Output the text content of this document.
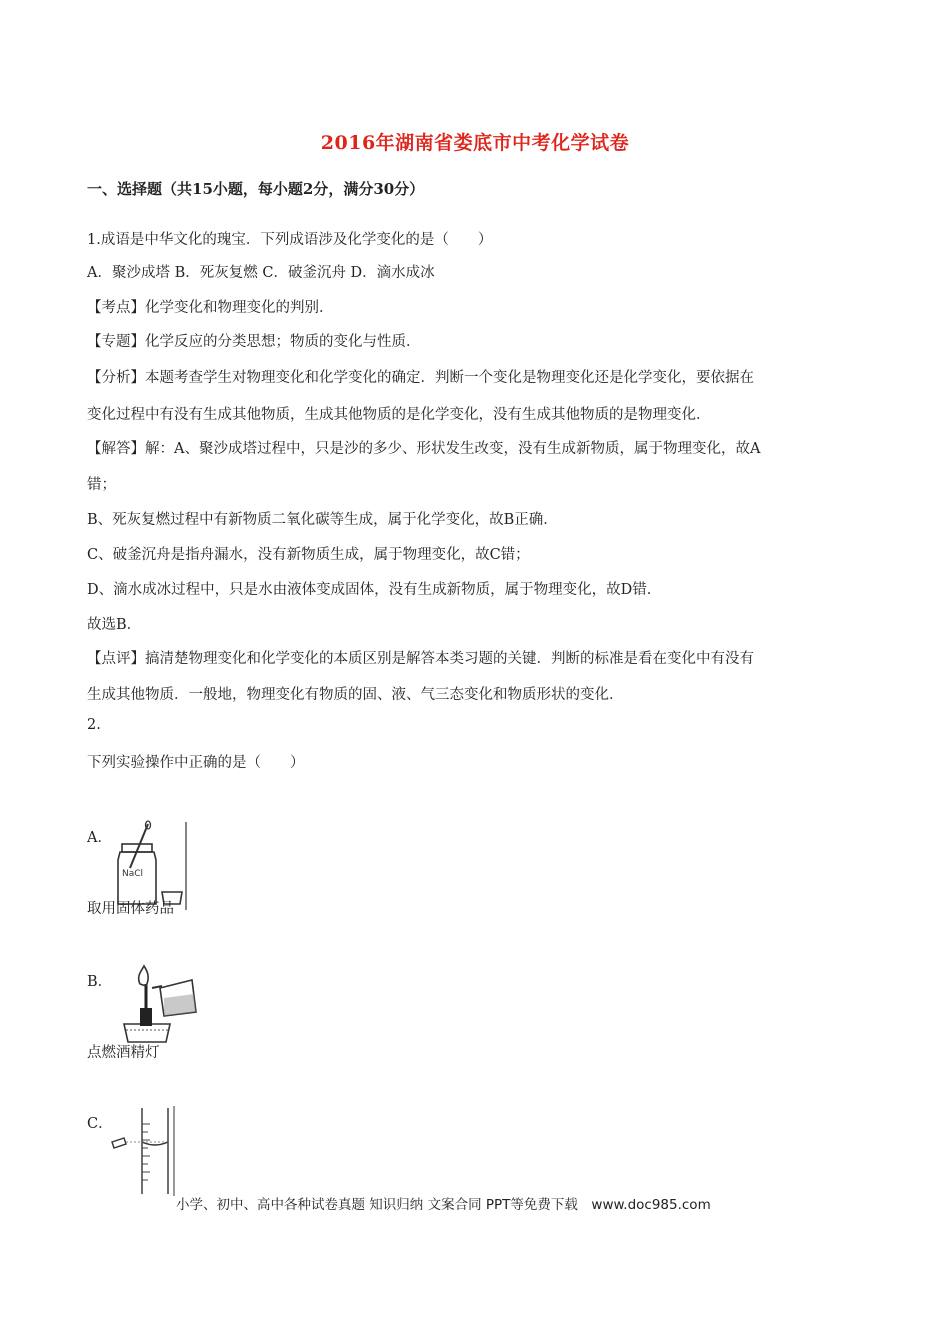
2016年湖南省娄底市中考化学试卷
一、选择题（共15小题，每小题2分，满分30分）
1.成语是中华文化的瑰宝．下列成语涉及化学变化的是（　　）
A．聚沙成塔 B．死灰复燃 C．破釜沉舟 D．滴水成冰
【考点】化学变化和物理变化的判别．
【专题】化学反应的分类思想；物质的变化与性质．
【分析】本题考查学生对物理变化和化学变化的确定．判断一个变化是物理变化还是化学变化，要依据在
变化过程中有没有生成其他物质，生成其他物质的是化学变化，没有生成其他物质的是物理变化．
【解答】解：A、聚沙成塔过程中，只是沙的多少、形状发生改变，没有生成新物质，属于物理变化，故A
错；
B、死灰复燃过程中有新物质二氧化碳等生成，属于化学变化，故B正确．
C、破釜沉舟是指舟漏水，没有新物质生成，属于物理变化，故C错；
D、滴水成冰过程中，只是水由液体变成固体，没有生成新物质，属于物理变化，故D错．
故选B．
【点评】搞清楚物理变化和化学变化的本质区别是解答本类习题的关键．判断的标准是看在变化中有没有
生成其他物质．一般地，物理变化有物质的固、液、气三态变化和物质形状的变化．
2.
下列实验操作中正确的是（　　）
A．
NaCl
取用固体药品
B．
点燃酒精灯
C．
小学、初中、高中各种试卷真题 知识归纳 文案合同 PPT等免费下载　www.doc985.com
